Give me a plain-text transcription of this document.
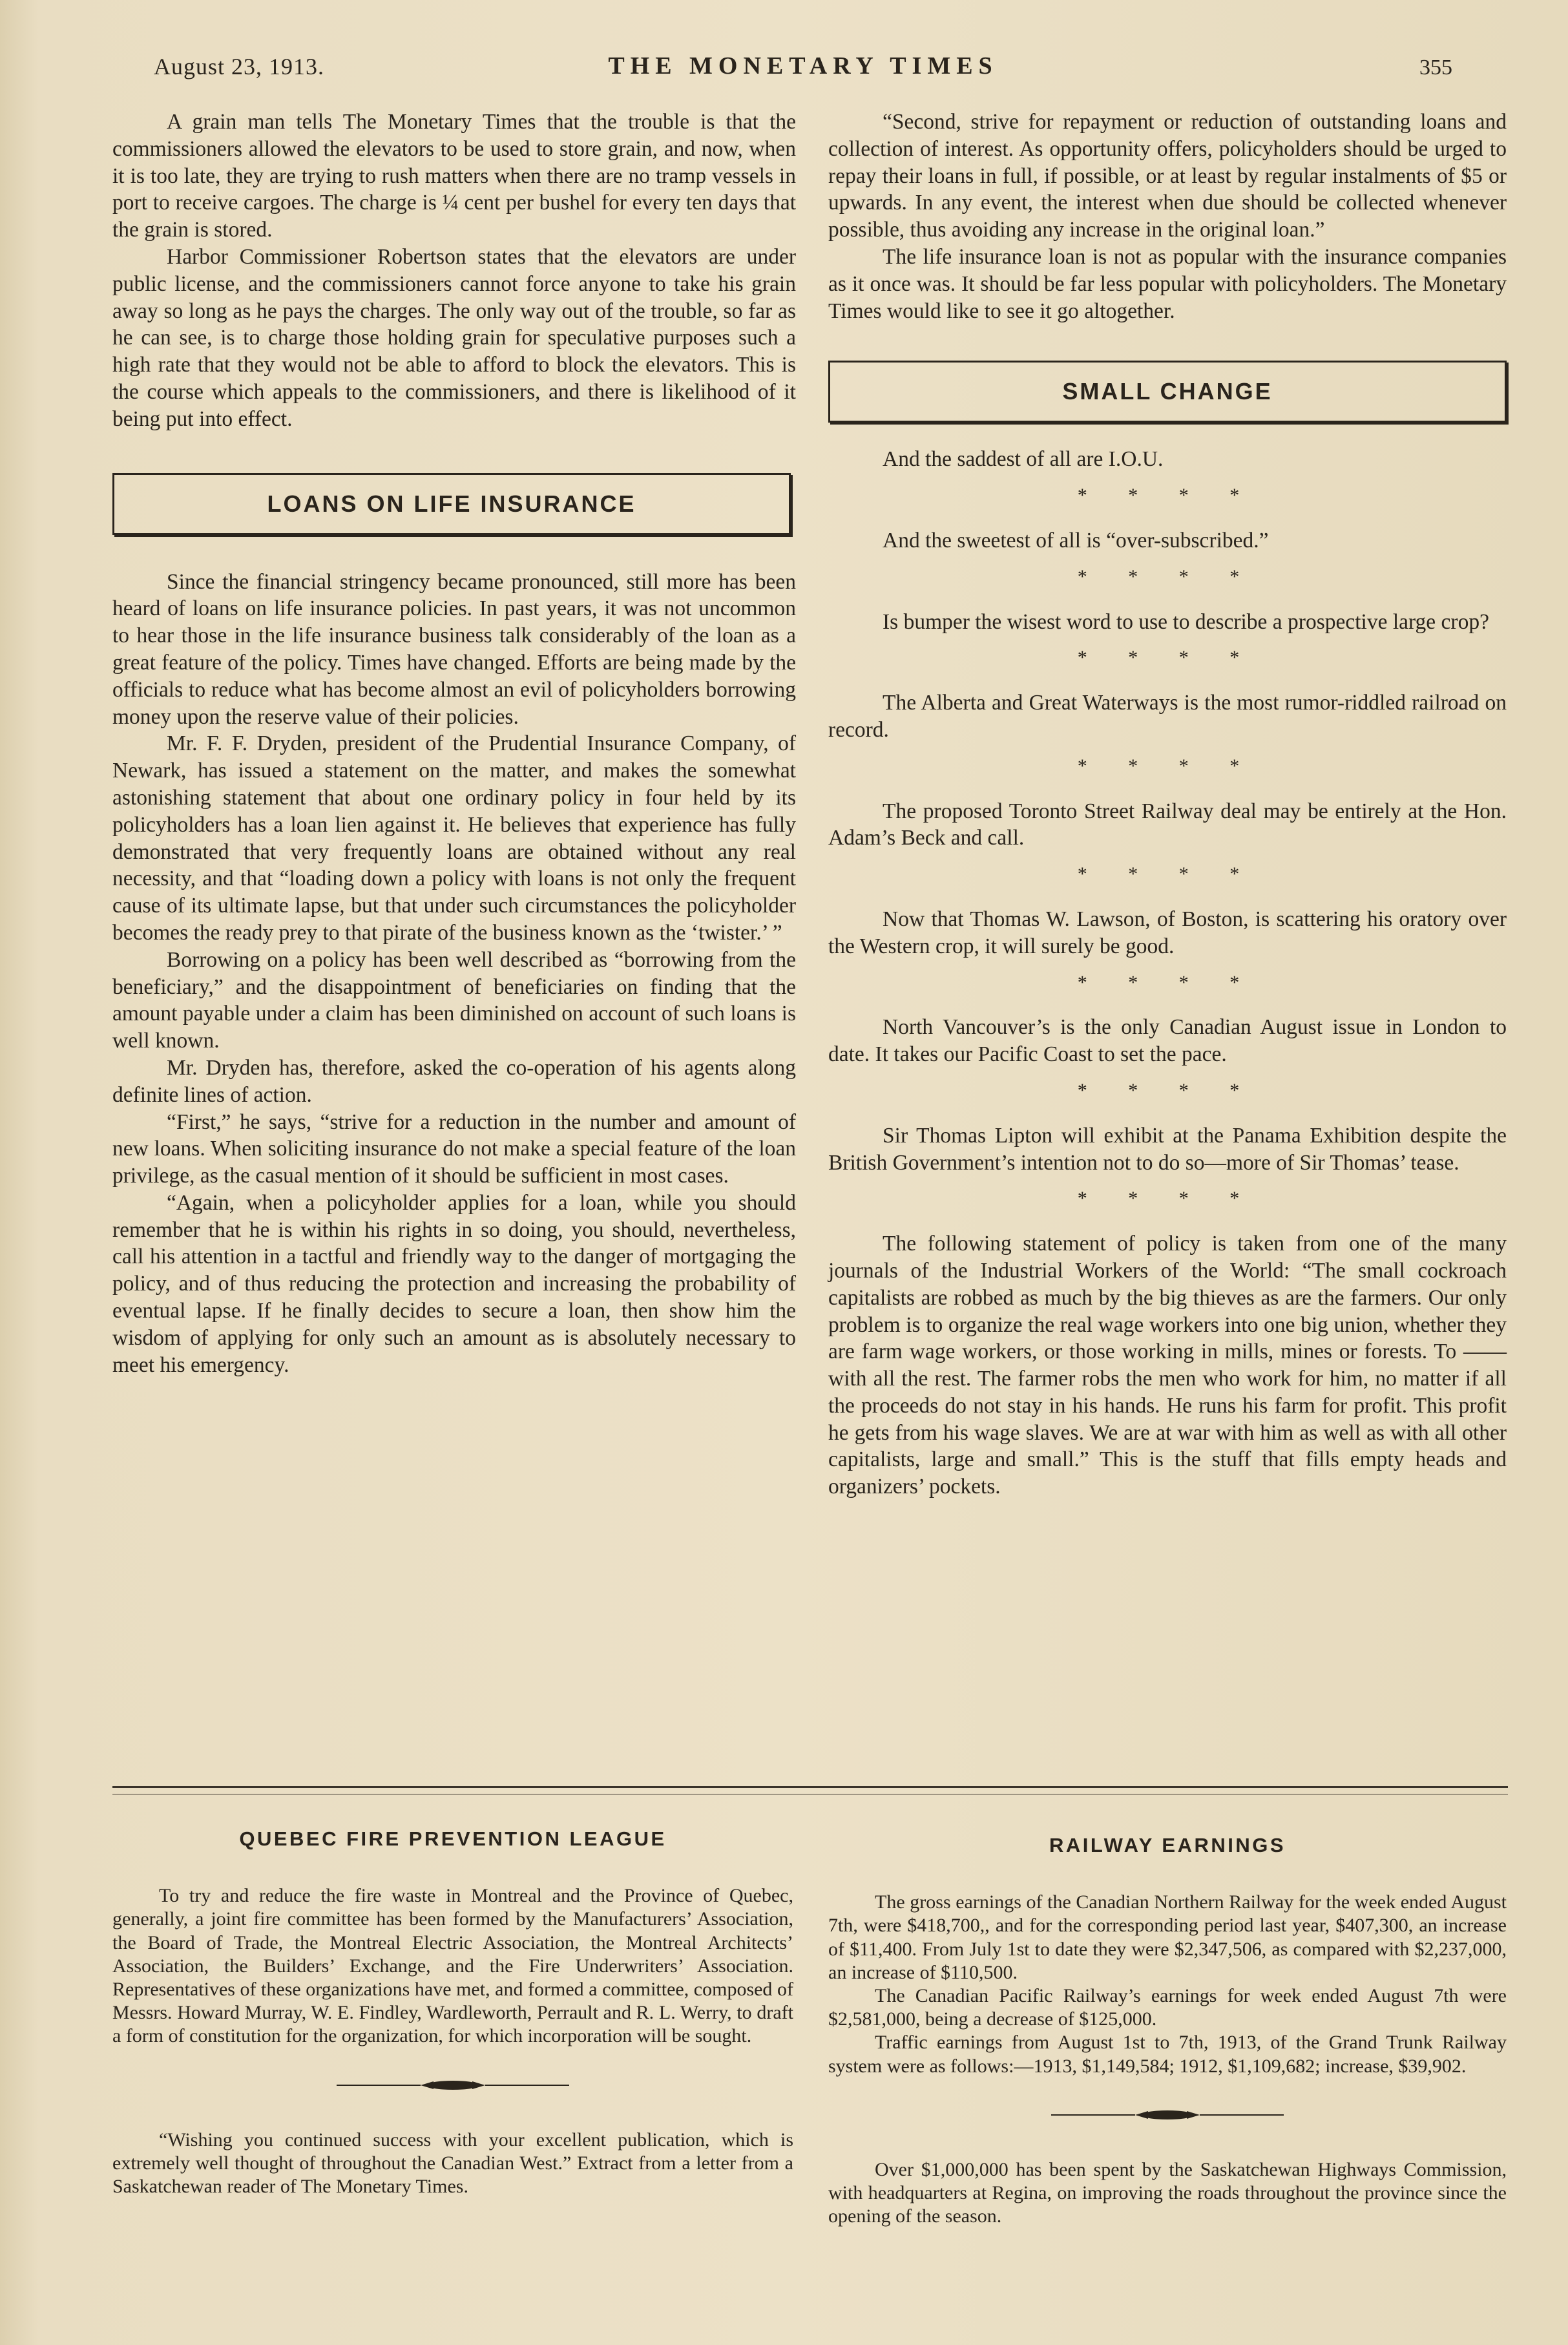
August 23, 1913.	THE MONETARY TIMES	355

A grain man tells The Monetary Times that the trouble is that the commissioners allowed the elevators to be used to store grain, and now, when it is too late, they are trying to rush matters when there are no tramp vessels in port to receive cargoes. The charge is ¼ cent per bushel for every ten days that the grain is stored.

Harbor Commissioner Robertson states that the elevators are under public license, and the commissioners cannot force anyone to take his grain away so long as he pays the charges. The only way out of the trouble, so far as he can see, is to charge those holding grain for speculative purposes such a high rate that they would not be able to afford to block the elevators. This is the course which appeals to the commissioners, and there is likelihood of it being put into effect.

LOANS ON LIFE INSURANCE

Since the financial stringency became pronounced, still more has been heard of loans on life insurance policies. In past years, it was not uncommon to hear those in the life insurance business talk considerably of the loan as a great feature of the policy. Times have changed. Efforts are being made by the officials to reduce what has become almost an evil of policyholders borrowing money upon the reserve value of their policies.

Mr. F. F. Dryden, president of the Prudential Insurance Company, of Newark, has issued a statement on the matter, and makes the somewhat astonishing statement that about one ordinary policy in four held by its policyholders has a loan lien against it. He believes that experience has fully demonstrated that very frequently loans are obtained without any real necessity, and that “loading down a policy with loans is not only the frequent cause of its ultimate lapse, but that under such circumstances the policyholder becomes the ready prey to that pirate of the business known as the ‘twister.’ ”

Borrowing on a policy has been well described as “borrowing from the beneficiary,” and the disappointment of beneficiaries on finding that the amount payable under a claim has been diminished on account of such loans is well known.

Mr. Dryden has, therefore, asked the co-operation of his agents along definite lines of action.

“First,” he says, “strive for a reduction in the number and amount of new loans. When soliciting insurance do not make a special feature of the loan privilege, as the casual mention of it should be sufficient in most cases.

“Again, when a policyholder applies for a loan, while you should remember that he is within his rights in so doing, you should, nevertheless, call his attention in a tactful and friendly way to the danger of mortgaging the policy, and of thus reducing the protection and increasing the probability of eventual lapse. If he finally decides to secure a loan, then show him the wisdom of applying for only such an amount as is absolutely necessary to meet his emergency.

“Second, strive for repayment or reduction of outstanding loans and collection of interest. As opportunity offers, policyholders should be urged to repay their loans in full, if possible, or at least by regular instalments of $5 or upwards. In any event, the interest when due should be collected whenever possible, thus avoiding any increase in the original loan.”

The life insurance loan is not as popular with the insurance companies as it once was. It should be far less popular with policyholders. The Monetary Times would like to see it go altogether.

SMALL CHANGE

And the saddest of all are I.O.U.

* * * *

And the sweetest of all is “over-subscribed.”

* * * *

Is bumper the wisest word to use to describe a prospective large crop?

* * * *

The Alberta and Great Waterways is the most rumor-riddled railroad on record.

* * * *

The proposed Toronto Street Railway deal may be entirely at the Hon. Adam’s Beck and call.

* * * *

Now that Thomas W. Lawson, of Boston, is scattering his oratory over the Western crop, it will surely be good.

* * * *

North Vancouver’s is the only Canadian August issue in London to date. It takes our Pacific Coast to set the pace.

* * * *

Sir Thomas Lipton will exhibit at the Panama Exhibition despite the British Government’s intention not to do so—more of Sir Thomas’ tease.

* * * *

The following statement of policy is taken from one of the many journals of the Industrial Workers of the World: “The small cockroach capitalists are robbed as much by the big thieves as are the farmers. Our only problem is to organize the real wage workers into one big union, whether they are farm wage workers, or those working in mills, mines or forests. To —— with all the rest. The farmer robs the men who work for him, no matter if all the proceeds do not stay in his hands. He runs his farm for profit. This profit he gets from his wage slaves. We are at war with him as well as with all other capitalists, large and small.” This is the stuff that fills empty heads and organizers’ pockets.

QUEBEC FIRE PREVENTION LEAGUE

To try and reduce the fire waste in Montreal and the Province of Quebec, generally, a joint fire committee has been formed by the Manufacturers’ Association, the Board of Trade, the Montreal Electric Association, the Montreal Architects’ Association, the Builders’ Exchange, and the Fire Underwriters’ Association. Representatives of these organizations have met, and formed a committee, composed of Messrs. Howard Murray, W. E. Findley, Wardleworth, Perrault and R. L. Werry, to draft a form of constitution for the organization, for which incorporation will be sought.

“Wishing you continued success with your excellent publication, which is extremely well thought of throughout the Canadian West.” Extract from a letter from a Saskatchewan reader of The Monetary Times.

RAILWAY EARNINGS

The gross earnings of the Canadian Northern Railway for the week ended August 7th, were $418,700,, and for the corresponding period last year, $407,300, an increase of $11,400. From July 1st to date they were $2,347,506, as compared with $2,237,000, an increase of $110,500.

The Canadian Pacific Railway’s earnings for week ended August 7th were $2,581,000, being a decrease of $125,000.

Traffic earnings from August 1st to 7th, 1913, of the Grand Trunk Railway system were as follows:—1913, $1,149,584; 1912, $1,109,682; increase, $39,902.

Over $1,000,000 has been spent by the Saskatchewan Highways Commission, with headquarters at Regina, on improving the roads throughout the province since the opening of the season.
